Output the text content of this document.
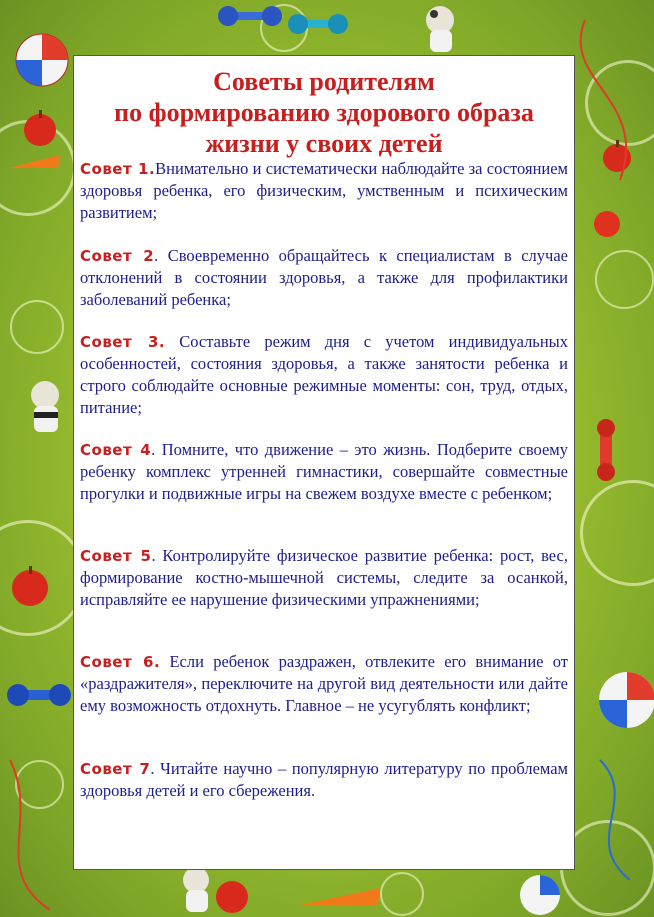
Советы родителям
по формированию здорового образа
жизни у своих детей

Совет 1.Внимательно и систематически наблюдайте за состоянием здоровья ребенка, его физическим, умственным и психическим развитием;

Совет 2. Своевременно обращайтесь к специалистам в случае отклонений в состоянии здоровья, а также для профилактики заболеваний ребенка;

Совет 3. Составьте режим дня с учетом индивидуальных особенностей, состояния здоровья, а также занятости ребенка и строго соблюдайте основные режимные моменты: сон, труд, отдых, питание;

Совет 4. Помните, что движение – это жизнь. Подберите своему ребенку комплекс утренней гимнастики, совершайте совместные прогулки и подвижные игры на свежем воздухе вместе с ребенком;

Совет 5. Контролируйте физическое развитие ребенка: рост, вес, формирование костно-мышечной системы, следите за осанкой, исправляйте ее нарушение физическими упражнениями;

Совет 6. Если ребенок раздражен, отвлеките его внимание от «раздражителя», переключите на другой вид деятельности или дайте ему возможность отдохнуть. Главное – не усугублять конфликт;

Совет 7. Читайте научно – популярную литературу по проблемам здоровья детей и его сбережения.
